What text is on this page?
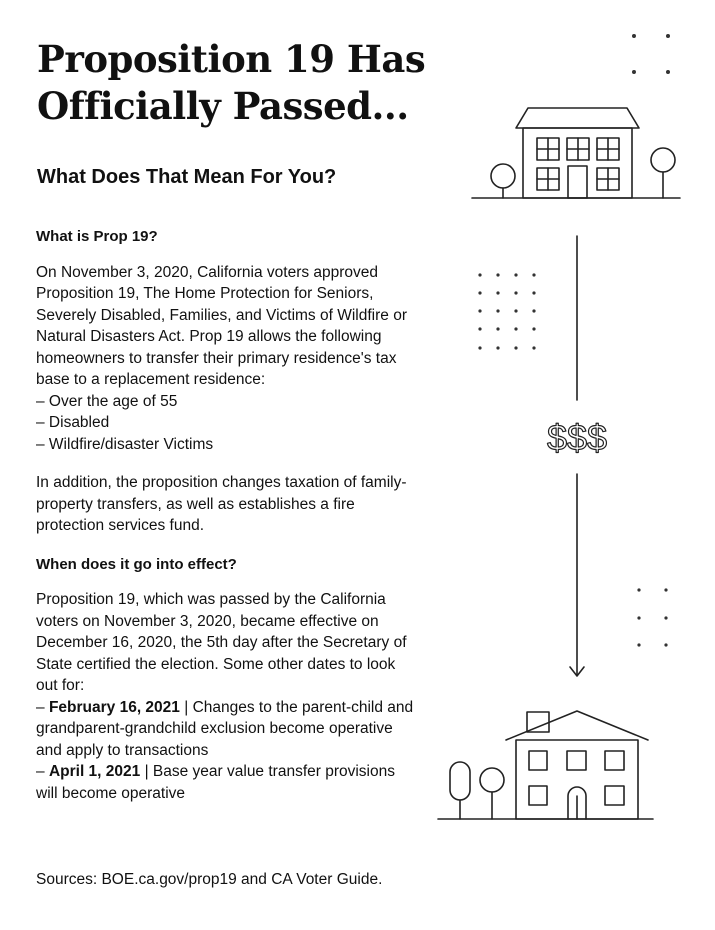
Proposition 19 Has
Officially Passed...
What Does That Mean For You?
What is Prop 19?

On November 3, 2020, California voters approved Proposition 19, The Home Protection for Seniors, Severely Disabled, Families, and Victims of Wildfire or Natural Disasters Act. Prop 19 allows the following homeowners to transfer their primary residence's tax base to a replacement residence:

– Over the age of 55
– Disabled
– Wildfire/disaster Victims

In addition, the proposition changes taxation of family-property transfers, as well as establishes a fire protection services fund.

When does it go into effect?

Proposition 19, which was passed by the California voters on November 3, 2020, became effective on December 16, 2020, the 5th day after the Secretary of State certified the election. Some other dates to look out for:

– February 16, 2021 | Changes to the parent-child and grandparent-grandchild exclusion become operative and apply to transactions

– April 1, 2021 | Base year value transfer provisions will become operative

Sources: BOE.ca.gov/prop19 and CA Voter Guide.

$$$
